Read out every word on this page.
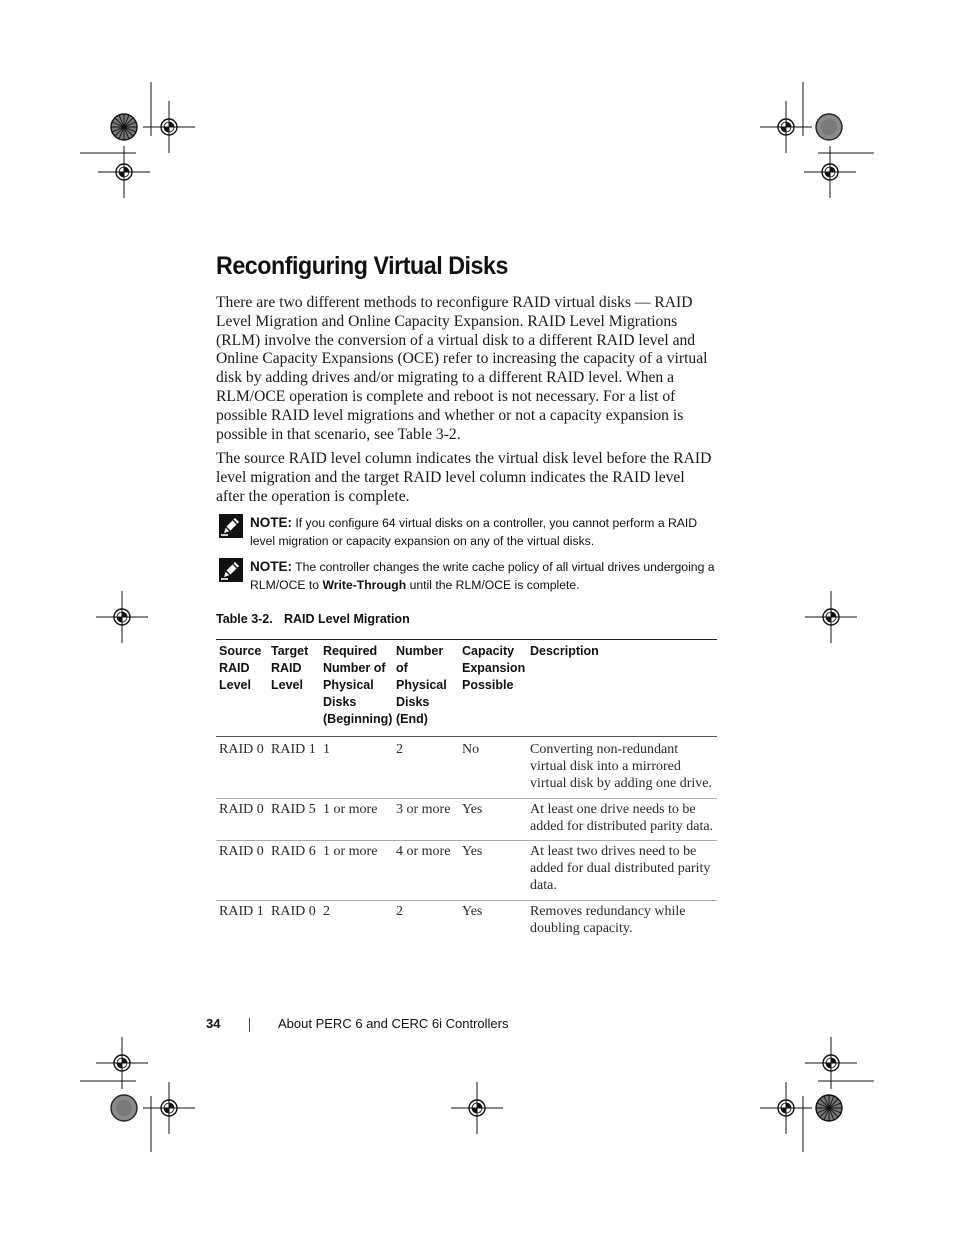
Reconfiguring Virtual Disks

There are two different methods to reconfigure RAID virtual disks — RAID Level Migration and Online Capacity Expansion. RAID Level Migrations (RLM) involve the conversion of a virtual disk to a different RAID level and Online Capacity Expansions (OCE) refer to increasing the capacity of a virtual disk by adding drives and/or migrating to a different RAID level. When a RLM/OCE operation is complete and reboot is not necessary. For a list of possible RAID level migrations and whether or not a capacity expansion is possible in that scenario, see Table 3-2.

The source RAID level column indicates the virtual disk level before the RAID level migration and the target RAID level column indicates the RAID level after the operation is complete.

NOTE: If you configure 64 virtual disks on a controller, you cannot perform a RAID level migration or capacity expansion on any of the virtual disks.
NOTE: The controller changes the write cache policy of all virtual drives undergoing a RLM/OCE to Write-Through until the RLM/OCE is complete.
Table 3-2. RAID Level Migration
Source RAID Level	Target RAID Level	Required Number of Physical Disks (Beginning)	Number of Physical Disks (End)	Capacity Expansion Possible	Description
RAID 0	RAID 1	1	2	No	Converting non-redundant virtual disk into a mirrored virtual disk by adding one drive.
RAID 0	RAID 5	1 or more	3 or more	Yes	At least one drive needs to be added for distributed parity data.
RAID 0	RAID 6	1 or more	4 or more	Yes	At least two drives need to be added for dual distributed parity data.
RAID 1	RAID 0	2	2	Yes	Removes redundancy while doubling capacity.
34	About PERC 6 and CERC 6i Controllers
